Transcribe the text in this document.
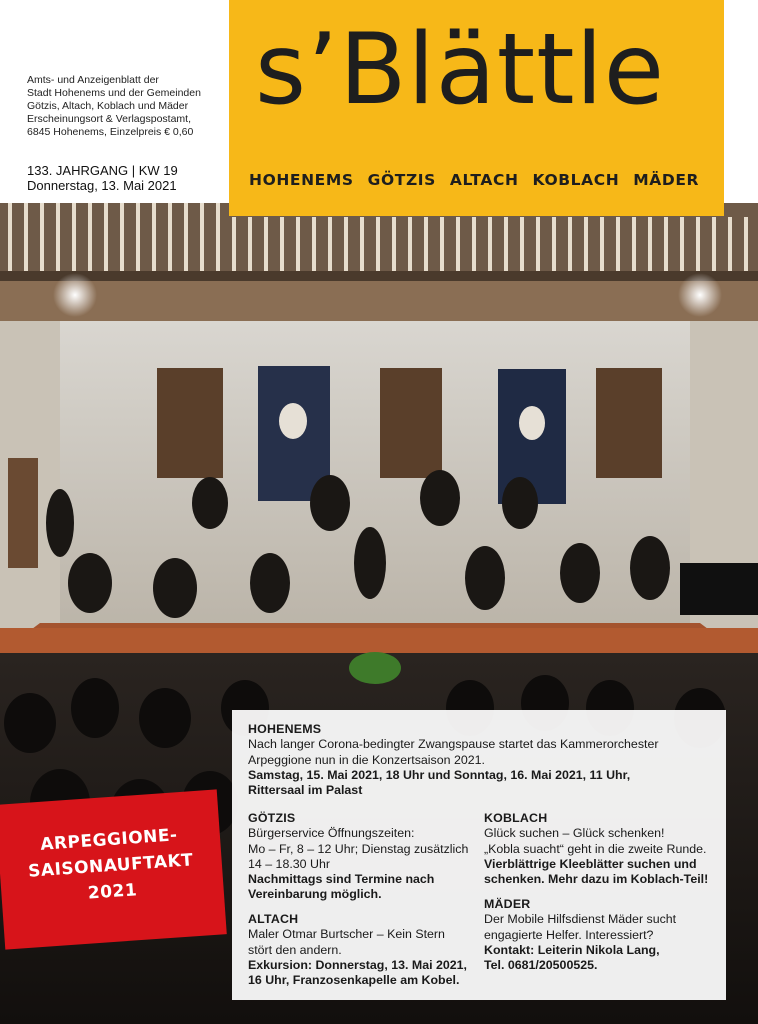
Amts- und Anzeigenblatt der
Stadt Hohenems und der Gemeinden
Götzis, Altach, Koblach und Mäder
Erscheinungsort & Verlagspostamt,
6845 Hohenems, Einzelpreis € 0,60
133. JAHRGANG | KW 19
Donnerstag, 13. Mai 2021
s’Blättle
HOHENEMS GÖTZIS ALTACH KOBLACH MÄDER

HOHENEMS

Nach langer Corona-bedingter Zwangspause startet das Kammerorchester

Arpeggione nun in die Konzertsaison 2021.

Samstag, 15. Mai 2021, 18 Uhr und Sonntag, 16. Mai 2021, 11 Uhr,

Rittersaal im Palast

GÖTZIS

Bürgerservice Öffnungszeiten:

Mo – Fr, 8 – 12 Uhr; Dienstag zusätzlich

14 – 18.30 Uhr

Nachmittags sind Termine nach

Vereinbarung möglich.

ALTACH

Maler Otmar Burtscher – Kein Stern

stört den andern.

Exkursion: Donnerstag, 13. Mai 2021,

16 Uhr, Franzosenkapelle am Kobel.

KOBLACH

Glück suchen – Glück schenken!

„Kobla suacht“ geht in die zweite Runde.

Vierblättrige Kleeblätter suchen und

schenken. Mehr dazu im Koblach-Teil!

MÄDER

Der Mobile Hilfsdienst Mäder sucht

engagierte Helfer. Interessiert?

Kontakt: Leiterin Nikola Lang,

Tel. 0681/20500525.

ARPEGGIONE-
SAISONAUFTAKT
2021
